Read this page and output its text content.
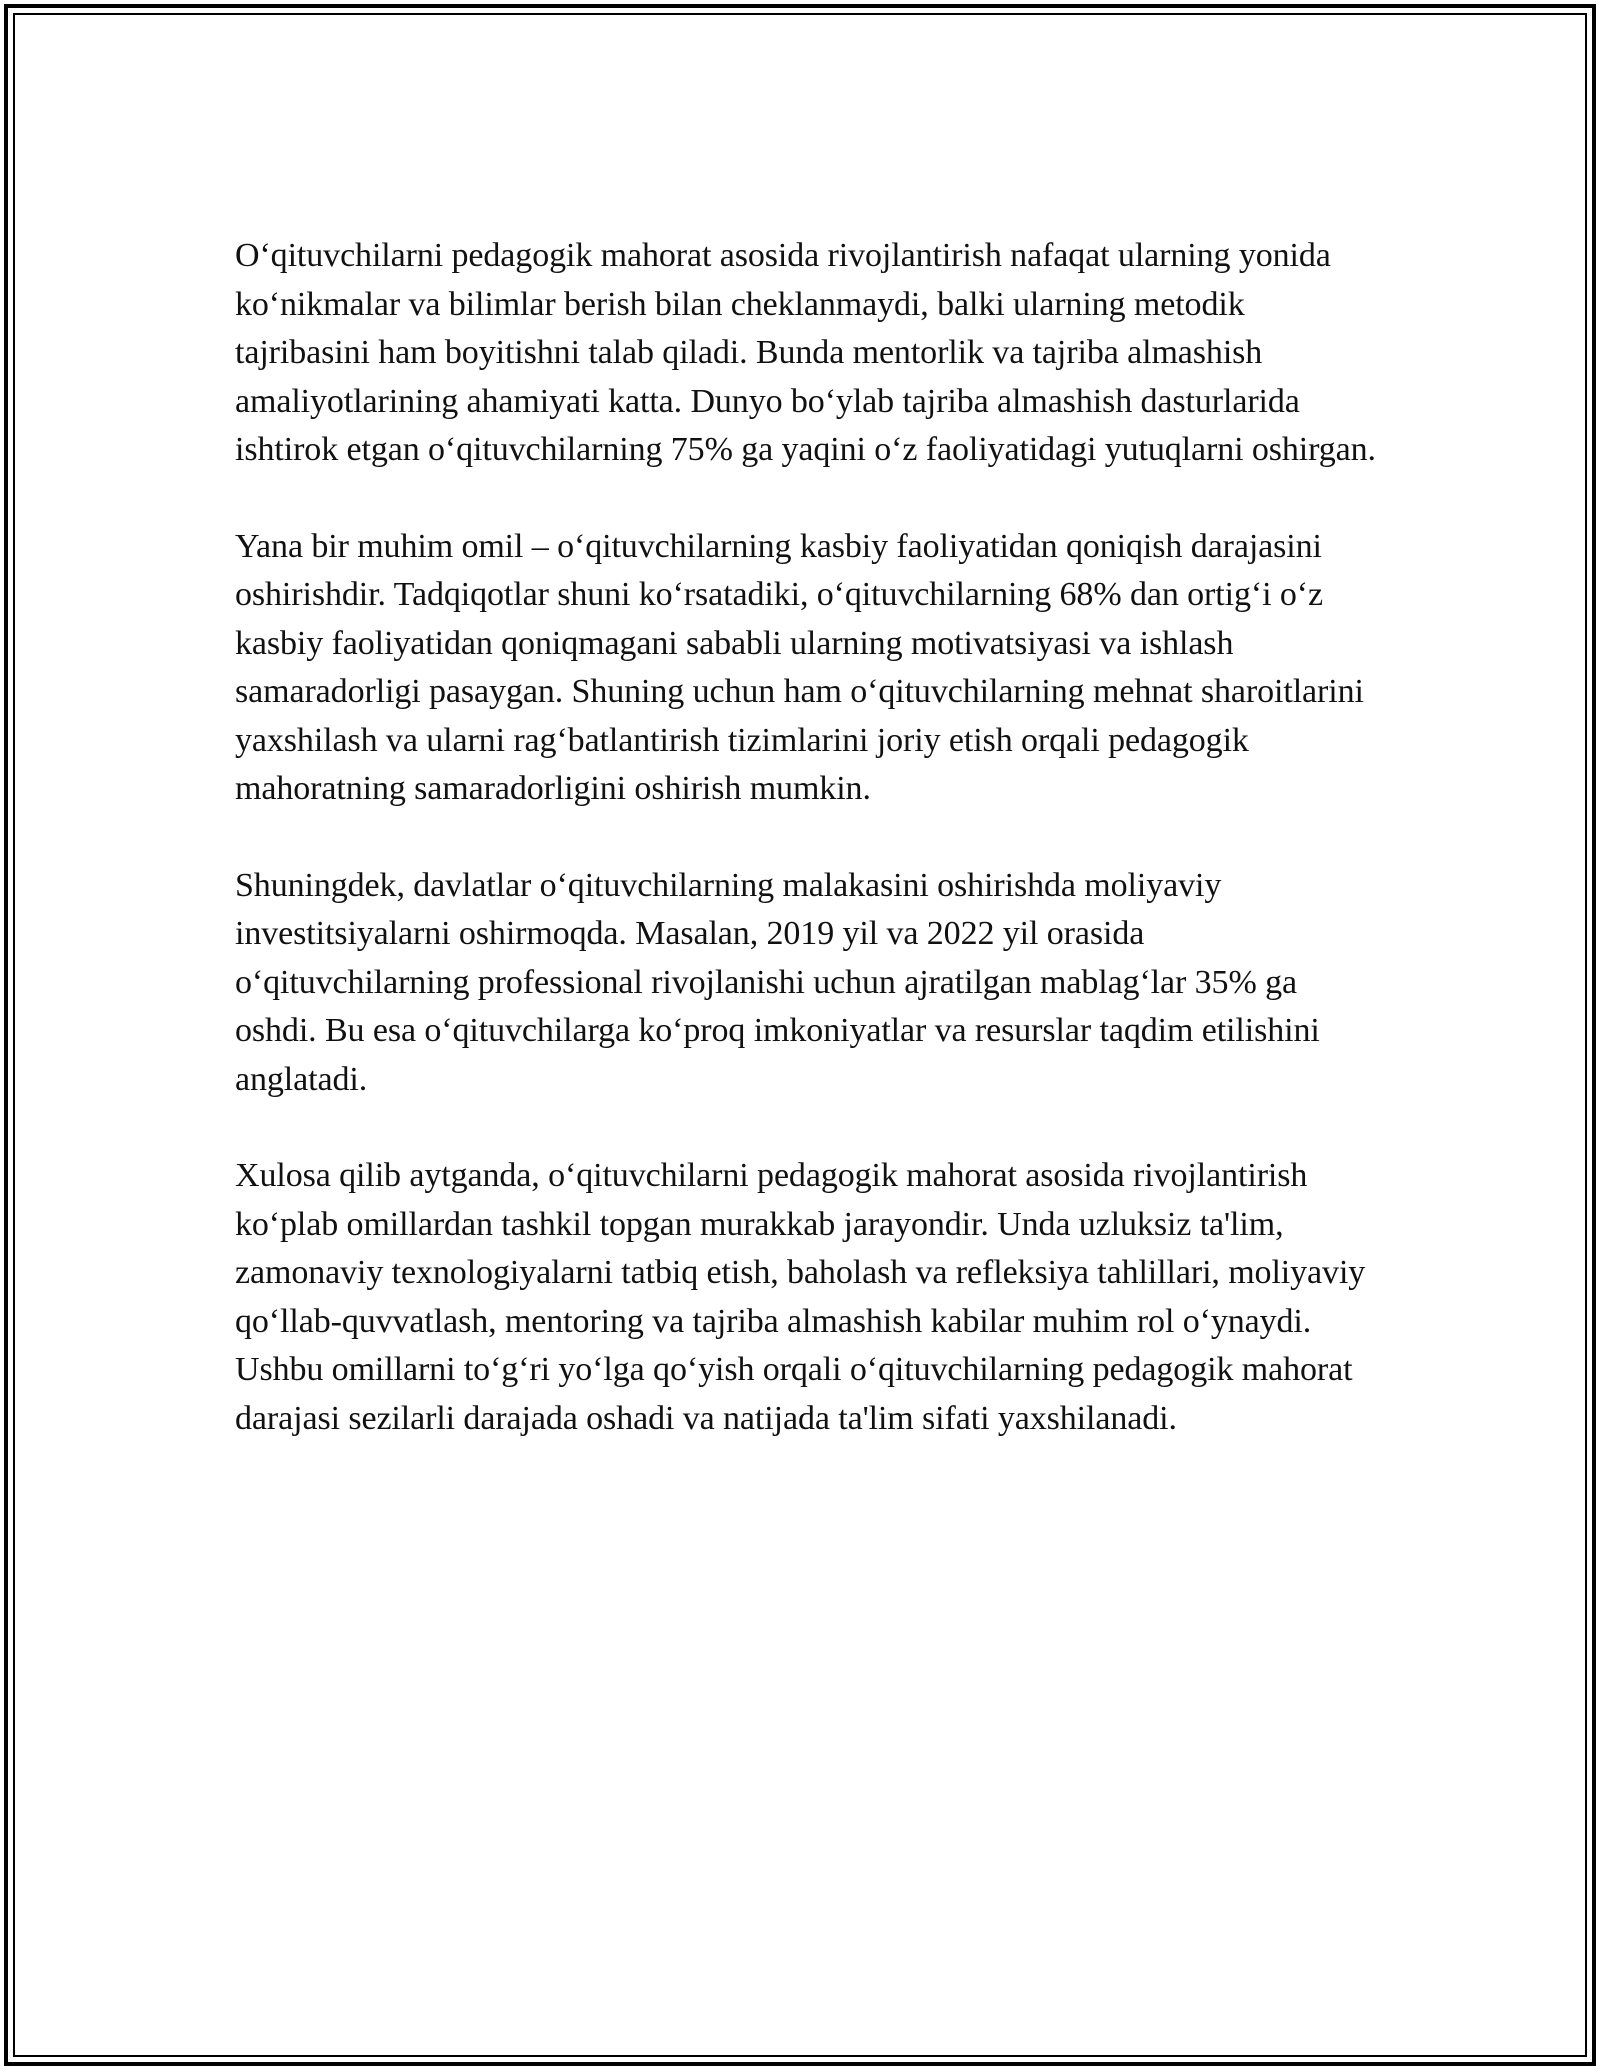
O‘qituvchilarni pedagogik mahorat asosida rivojlantirish nafaqat ularning yonida ko‘nikmalar va bilimlar berish bilan cheklanmaydi, balki ularning metodik tajribasini ham boyitishni talab qiladi. Bunda mentorlik va tajriba almashish amaliyotlarining ahamiyati katta. Dunyo bo‘ylab tajriba almashish dasturlarida ishtirok etgan o‘qituvchilarning 75% ga yaqini o‘z faoliyatidagi yutuqlarni oshirgan.

Yana bir muhim omil – o‘qituvchilarning kasbiy faoliyatidan qoniqish darajasini oshirishdir. Tadqiqotlar shuni ko‘rsatadiki, o‘qituvchilarning 68% dan ortig‘i o‘z kasbiy faoliyatidan qoniqmagani sababli ularning motivatsiyasi va ishlash samaradorligi pasaygan. Shuning uchun ham o‘qituvchilarning mehnat sharoitlarini yaxshilash va ularni rag‘batlantirish tizimlarini joriy etish orqali pedagogik mahoratning samaradorligini oshirish mumkin.

Shuningdek, davlatlar o‘qituvchilarning malakasini oshirishda moliyaviy investitsiyalarni oshirmoqda. Masalan, 2019 yil va 2022 yil orasida o‘qituvchilarning professional rivojlanishi uchun ajratilgan mablag‘lar 35% ga oshdi. Bu esa o‘qituvchilarga ko‘proq imkoniyatlar va resurslar taqdim etilishini anglatadi.

Xulosa qilib aytganda, o‘qituvchilarni pedagogik mahorat asosida rivojlantirish ko‘plab omillardan tashkil topgan murakkab jarayondir. Unda uzluksiz ta'lim, zamonaviy texnologiyalarni tatbiq etish, baholash va refleksiya tahlillari, moliyaviy qo‘llab-quvvatlash, mentoring va tajriba almashish kabilar muhim rol o‘ynaydi. Ushbu omillarni to‘g‘ri yo‘lga qo‘yish orqali o‘qituvchilarning pedagogik mahorat darajasi sezilarli darajada oshadi va natijada ta'lim sifati yaxshilanadi.
